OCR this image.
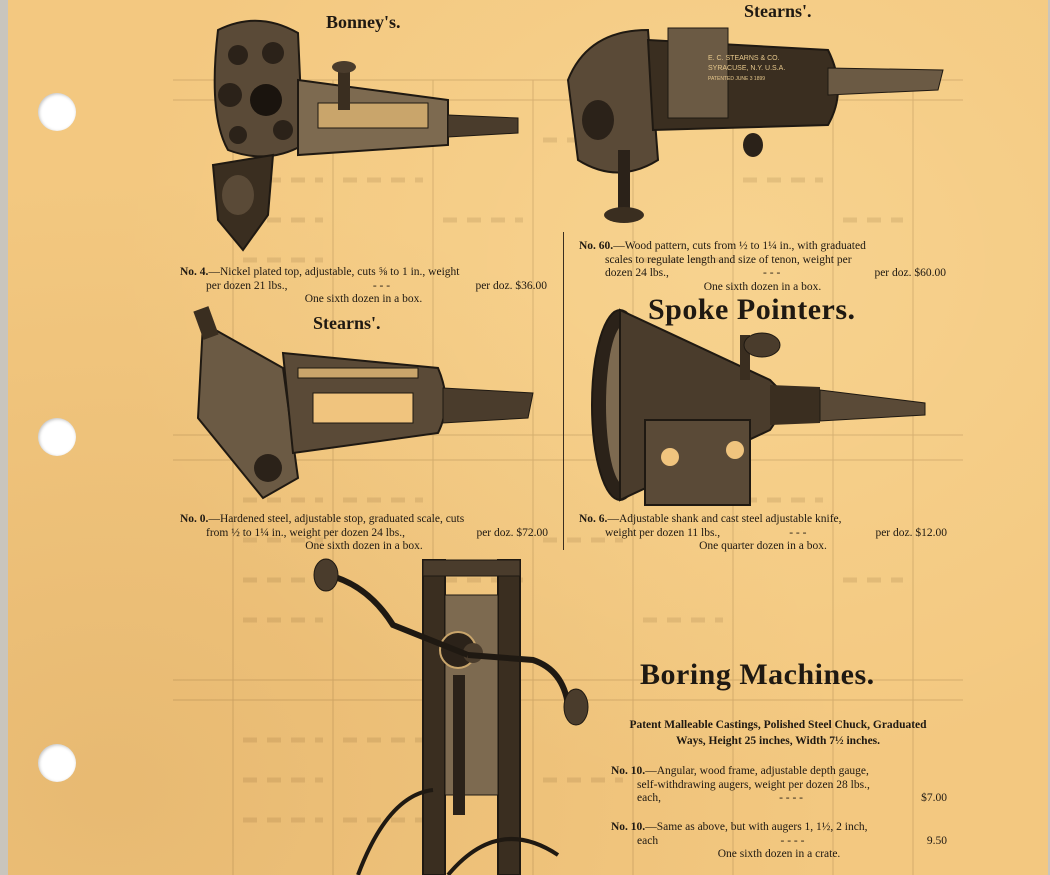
Bonney's.
Stearns'.
Stearns'.	Spoke Pointers.
Boring Machines.
E. C. STEARNS & CO.
SYRACUSE, N.Y. U.S.A.
PATENTED JUNE 3 1899
No. 4.—Nickel plated top, adjustable, cuts ⅝ to 1 in., weight
per dozen 21 lbs.,	- - -	per doz. $36.00
One sixth dozen in a box.
No. 60.—Wood pattern, cuts from ½ to 1¼ in., with graduated
scales to regulate length and size of tenon, weight per
dozen 24 lbs.,	- - -	per doz. $60.00
One sixth dozen in a box.
No. 0.—Hardened steel, adjustable stop, graduated scale, cuts
from ½ to 1¼ in., weight per dozen 24 lbs.,	per doz. $72.00
One sixth dozen in a box.
No. 6.—Adjustable shank and cast steel adjustable knife,
weight per dozen 11 lbs.,	- - -	per doz. $12.00
One quarter dozen in a box.
Patent Malleable Castings, Polished Steel Chuck, Graduated
Ways, Height 25 inches, Width 7½ inches.
No. 10.—Angular, wood frame, adjustable depth gauge,
self-withdrawing augers, weight per dozen 28 lbs.,
each,	- - - -	$7.00
No. 10.—Same as above, but with augers 1, 1½, 2 inch,
each	- - - -	9.50
One sixth dozen in a crate.
